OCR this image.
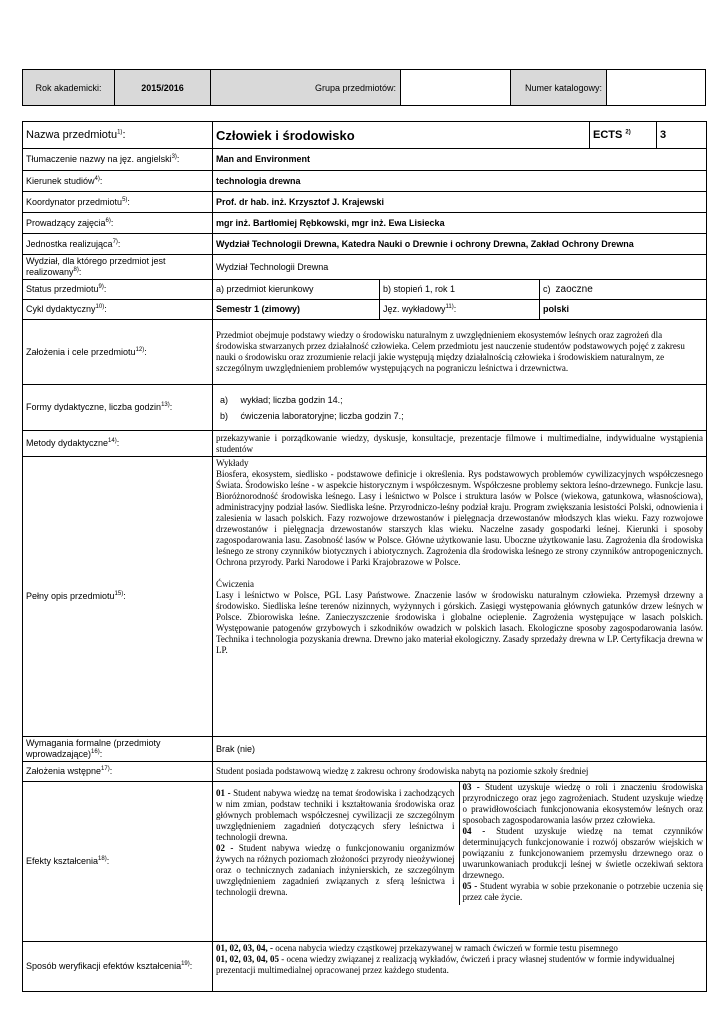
Rok akademicki:	2015/2016	Grupa przedmiotów:		Numer katalogowy:	
Nazwa przedmiotu$^{1)}$:	Człowiek i środowisko			ECTS $^{2)}$	3
Tłumaczenie nazwy na jęz. angielski$^{3)}$:	Man and Environment				
Kierunek studiów$^{4)}$:	technologia drewna				
Koordynator przedmiotu$^{5)}$:	Prof. dr hab. inż. Krzysztof J. Krajewski				
Prowadzący zajęcia$^{6)}$:	mgr inż. Bartłomiej Rębkowski, mgr inż. Ewa Lisiecka				
Jednostka realizująca$^{7)}$:	Wydział Technologii Drewna, Katedra Nauki o Drewnie i ochrony Drewna, Zakład Ochrony Drewna				
Wydział, dla którego przedmiot jest realizowany$^{8)}$:	Wydział Technologii Drewna				
Status przedmiotu$^{9)}$:	a) przedmiot kierunkowy	b) stopień 1, rok 1	c) zaoczne		
Cykl dydaktyczny$^{10)}$:	Semestr 1 (zimowy)	Jęz. wykładowy$^{11)}$:	polski		
Założenia i cele przedmiotu$^{12)}$:	Przedmiot obejmuje podstawy wiedzy o środowisku naturalnym z uwzględnieniem ekosystemów leśnych oraz zagrożeń dla środowiska stwarzanych przez działalność człowieka. Celem przedmiotu jest nauczenie studentów podstawowych pojęć z zakresu nauki o środowisku oraz zrozumienie relacji jakie występują między działalnością człowieka i środowiskiem naturalnym, ze szczególnym uwzględnieniem problemów występujących na pograniczu leśnictwa i drzewnictwa.				
Formy dydaktyczne, liczba godzin$^{13)}$:	a) wykład; liczba godzin 14.;
b) ćwiczenia laboratoryjne; liczba godzin 7.;				

Metody dydaktyczne$^{14)}$:	przekazywanie i porządkowanie wiedzy, dyskusje, konsultacje, prezentacje filmowe i multimedialne, indywidualne wystąpienia studentów				
Pełny opis przedmiotu$^{15)}$:	Wykłady
Biosfera, ekosystem, siedlisko - podstawowe definicje i określenia. Rys podstawowych problemów cywilizacyjnych współczesnego Świata. Środowisko leśne - w aspekcie historycznym i współczesnym. Współczesne problemy sektora leśno-drzewnego. Funkcje lasu. Bioróżnorodność środowiska leśnego. Lasy i leśnictwo w Polsce i struktura lasów w Polsce (wiekowa, gatunkowa, własnościowa), administracyjny podział lasów. Siedliska leśne. Przyrodniczo-leśny podział kraju. Program zwiększania lesistości Polski, odnowienia i zalesienia w lasach polskich. Fazy rozwojowe drzewostanów i pielęgnacja drzewostanów młodszych klas wieku. Fazy rozwojowe drzewostanów i pielęgnacja drzewostanów starszych klas wieku. Naczelne zasady gospodarki leśnej. Kierunki i sposoby zagospodarowania lasu. Zasobność lasów w Polsce. Główne użytkowanie lasu. Uboczne użytkowanie lasu. Zagrożenia dla środowiska leśnego ze strony czynników biotycznych i abiotycznych. Zagrożenia dla środowiska leśnego ze strony czynników antropogenicznych. Ochrona przyrody. Parki Narodowe i Parki Krajobrazowe w Polsce.
Ćwiczenia
Lasy i leśnictwo w Polsce, PGL Lasy Państwowe. Znaczenie lasów w środowisku naturalnym człowieka. Przemysł drzewny a środowisko. Siedliska leśne terenów nizinnych, wyżynnych i górskich. Zasięgi występowania głównych gatunków drzew leśnych w Polsce. Zbiorowiska leśne. Zanieczyszczenie środowiska i globalne ocieplenie. Zagrożenia występujące w lasach polskich. Występowanie patogenów grzybowych i szkodników owadzich w polskich lasach. Ekologiczne sposoby zagospodarowania lasów. Technika i technologia pozyskania drewna. Drewno jako materiał ekologiczny. Zasady sprzedaży drewna w LP. Certyfikacja drewna w LP.				

Wymagania formalne (przedmioty wprowadzające)$^{16)}$:	Brak (nie)				
Założenia wstępne$^{17)}$:	Student posiada podstawową wiedzę z zakresu ochrony środowiska nabytą na poziomie szkoły średniej				
Efekty kształcenia$^{18)}$:	01 - Student nabywa wiedzę na temat środowiska i zachodzących w nim zmian, podstaw techniki i kształtowania środowiska oraz głównych problemach współczesnej cywilizacji ze szczególnym uwzględnieniem zagadnień dotyczących sfery leśnictwa i technologii drewna.
02 - Student nabywa wiedzę o funkcjonowaniu organizmów żywych na różnych poziomach złożoności przyrody nieożywionej oraz o technicznych zadaniach inżynierskich, ze szczególnym uwzględnieniem zagadnień związanych z sferą leśnictwa i technologii drewna.
03 - Student uzyskuje wiedzę o roli i znaczeniu środowiska przyrodniczego oraz jego zagrożeniach. Student uzyskuje wiedzę o prawidłowościach funkcjonowania ekosystemów leśnych oraz sposobach zagospodarowania lasów przez człowieka.
04 - Student uzyskuje wiedzę na temat czynników determinujących funkcjonowanie i rozwój obszarów wiejskich w powiązaniu z funkcjonowaniem przemysłu drzewnego oraz o uwarunkowaniach produkcji leśnej w świetle oczekiwań sektora drzewnego.
05 - Student wyrabia w sobie przekonanie o potrzebie uczenia się przez całe życie.				

Sposób weryfikacji efektów kształcenia$^{19)}$:	01, 02, 03, 04, - ocena nabycia wiedzy cząstkowej przekazywanej w ramach ćwiczeń w formie testu pisemnego
01, 02, 03, 04, 05 - ocena wiedzy związanej z realizacją wykładów, ćwiczeń i pracy własnej studentów w formie indywidualnej prezentacji multimedialnej opracowanej przez każdego studenta.				
